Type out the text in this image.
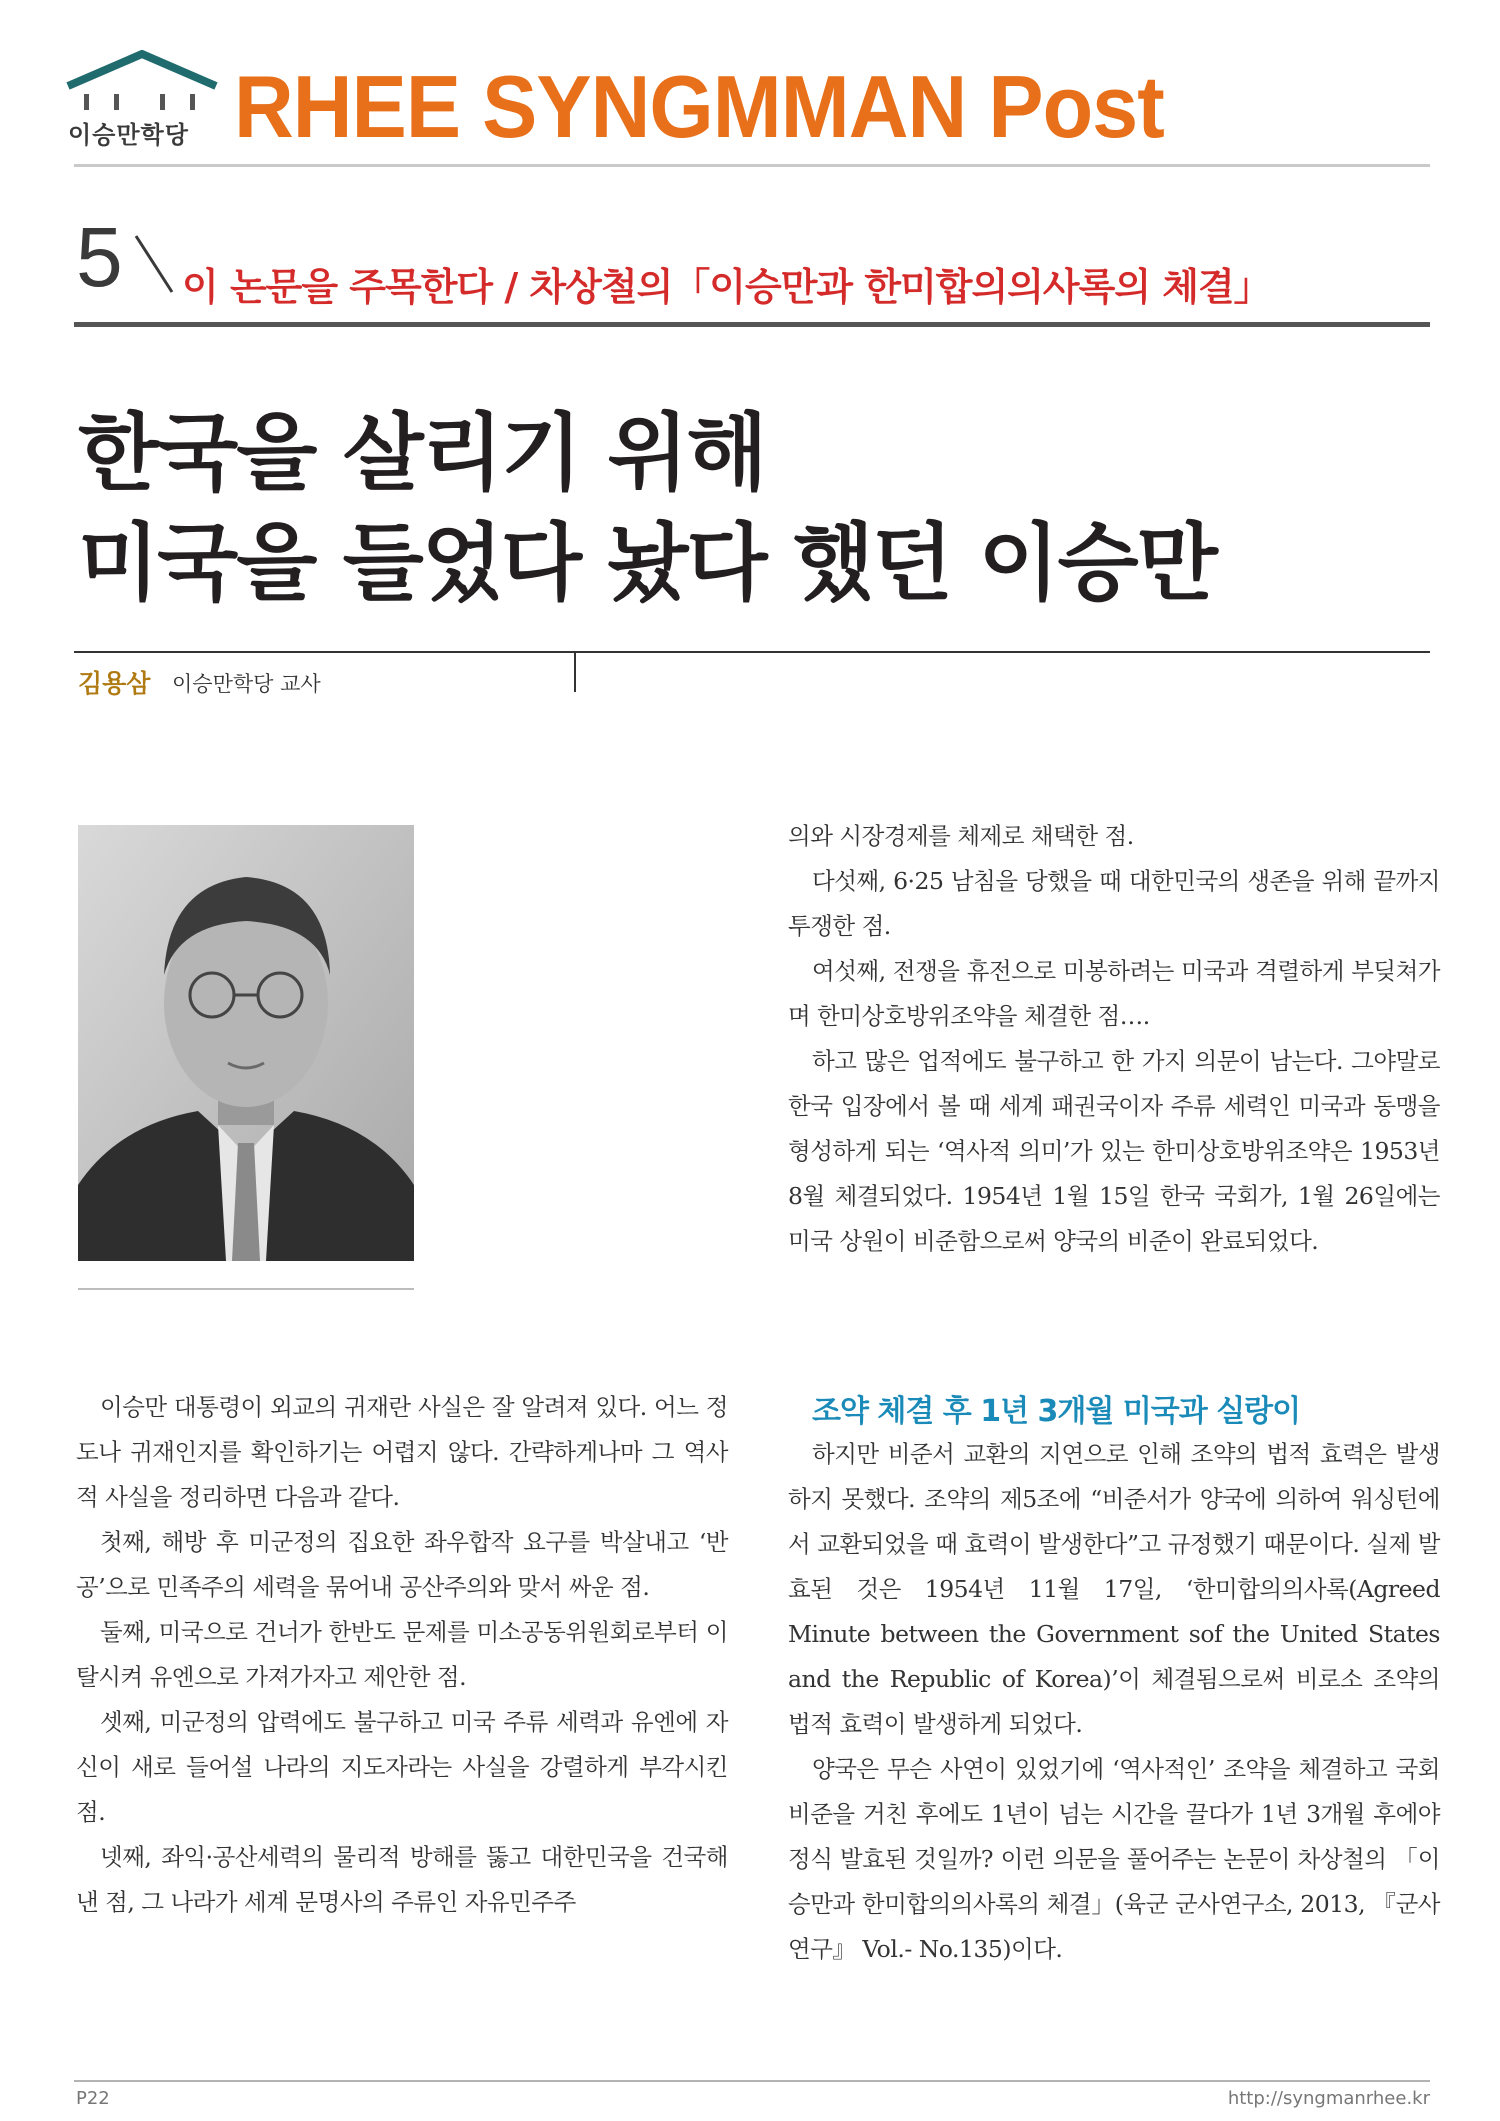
이승만학당 RHEE SYNGMMAN Post
5 이 논문을 주목한다 / 차상철의「이승만과 한미합의의사록의 체결」
한국을 살리기 위해
미국을 들었다 놨다 했던 이승만
김용삼 이승만학당 교사

이승만 대통령이 외교의 귀재란 사실은 잘 알려져 있다. 어느 정도나 귀재인지를 확인하기는 어렵지 않다. 간략하게나마 그 역사적 사실을 정리하면 다음과 같다.

첫째, 해방 후 미군정의 집요한 좌우합작 요구를 박살내고 ‘반공’으로 민족주의 세력을 묶어내 공산주의와 맞서 싸운 점.

둘째, 미국으로 건너가 한반도 문제를 미소공동위원회로부터 이탈시켜 유엔으로 가져가자고 제안한 점.

셋째, 미군정의 압력에도 불구하고 미국 주류 세력과 유엔에 자신이 새로 들어설 나라의 지도자라는 사실을 강렬하게 부각시킨 점.

넷째, 좌익·공산세력의 물리적 방해를 뚫고 대한민국을 건국해 낸 점, 그 나라가 세계 문명사의 주류인 자유민주주

의와 시장경제를 체제로 채택한 점.

다섯째, 6·25 남침을 당했을 때 대한민국의 생존을 위해 끝까지 투쟁한 점.

여섯째, 전쟁을 휴전으로 미봉하려는 미국과 격렬하게 부딪쳐가며 한미상호방위조약을 체결한 점….

하고 많은 업적에도 불구하고 한 가지 의문이 남는다. 그야말로 한국 입장에서 볼 때 세계 패권국이자 주류 세력인 미국과 동맹을 형성하게 되는 ‘역사적 의미’가 있는 한미상호방위조약은 1953년 8월 체결되었다. 1954년 1월 15일 한국 국회가, 1월 26일에는 미국 상원이 비준함으로써 양국의 비준이 완료되었다.

조약 체결 후 1년 3개월 미국과 실랑이

하지만 비준서 교환의 지연으로 인해 조약의 법적 효력은 발생하지 못했다. 조약의 제5조에 “비준서가 양국에 의하여 워싱턴에서 교환되었을 때 효력이 발생한다”고 규정했기 때문이다. 실제 발효된 것은 1954년 11월 17일, ‘한미합의의사록(Agreed Minute between the Government sof the United States and the Republic of Korea)’이 체결됨으로써 비로소 조약의 법적 효력이 발생하게 되었다.

양국은 무슨 사연이 있었기에 ‘역사적인’ 조약을 체결하고 국회 비준을 거친 후에도 1년이 넘는 시간을 끌다가 1년 3개월 후에야 정식 발효된 것일까? 이런 의문을 풀어주는 논문이 차상철의 「이승만과 한미합의의사록의 체결」(육군 군사연구소, 2013, 『군사연구』 Vol.- No.135)이다.

P22	http://syngmanrhee.kr
